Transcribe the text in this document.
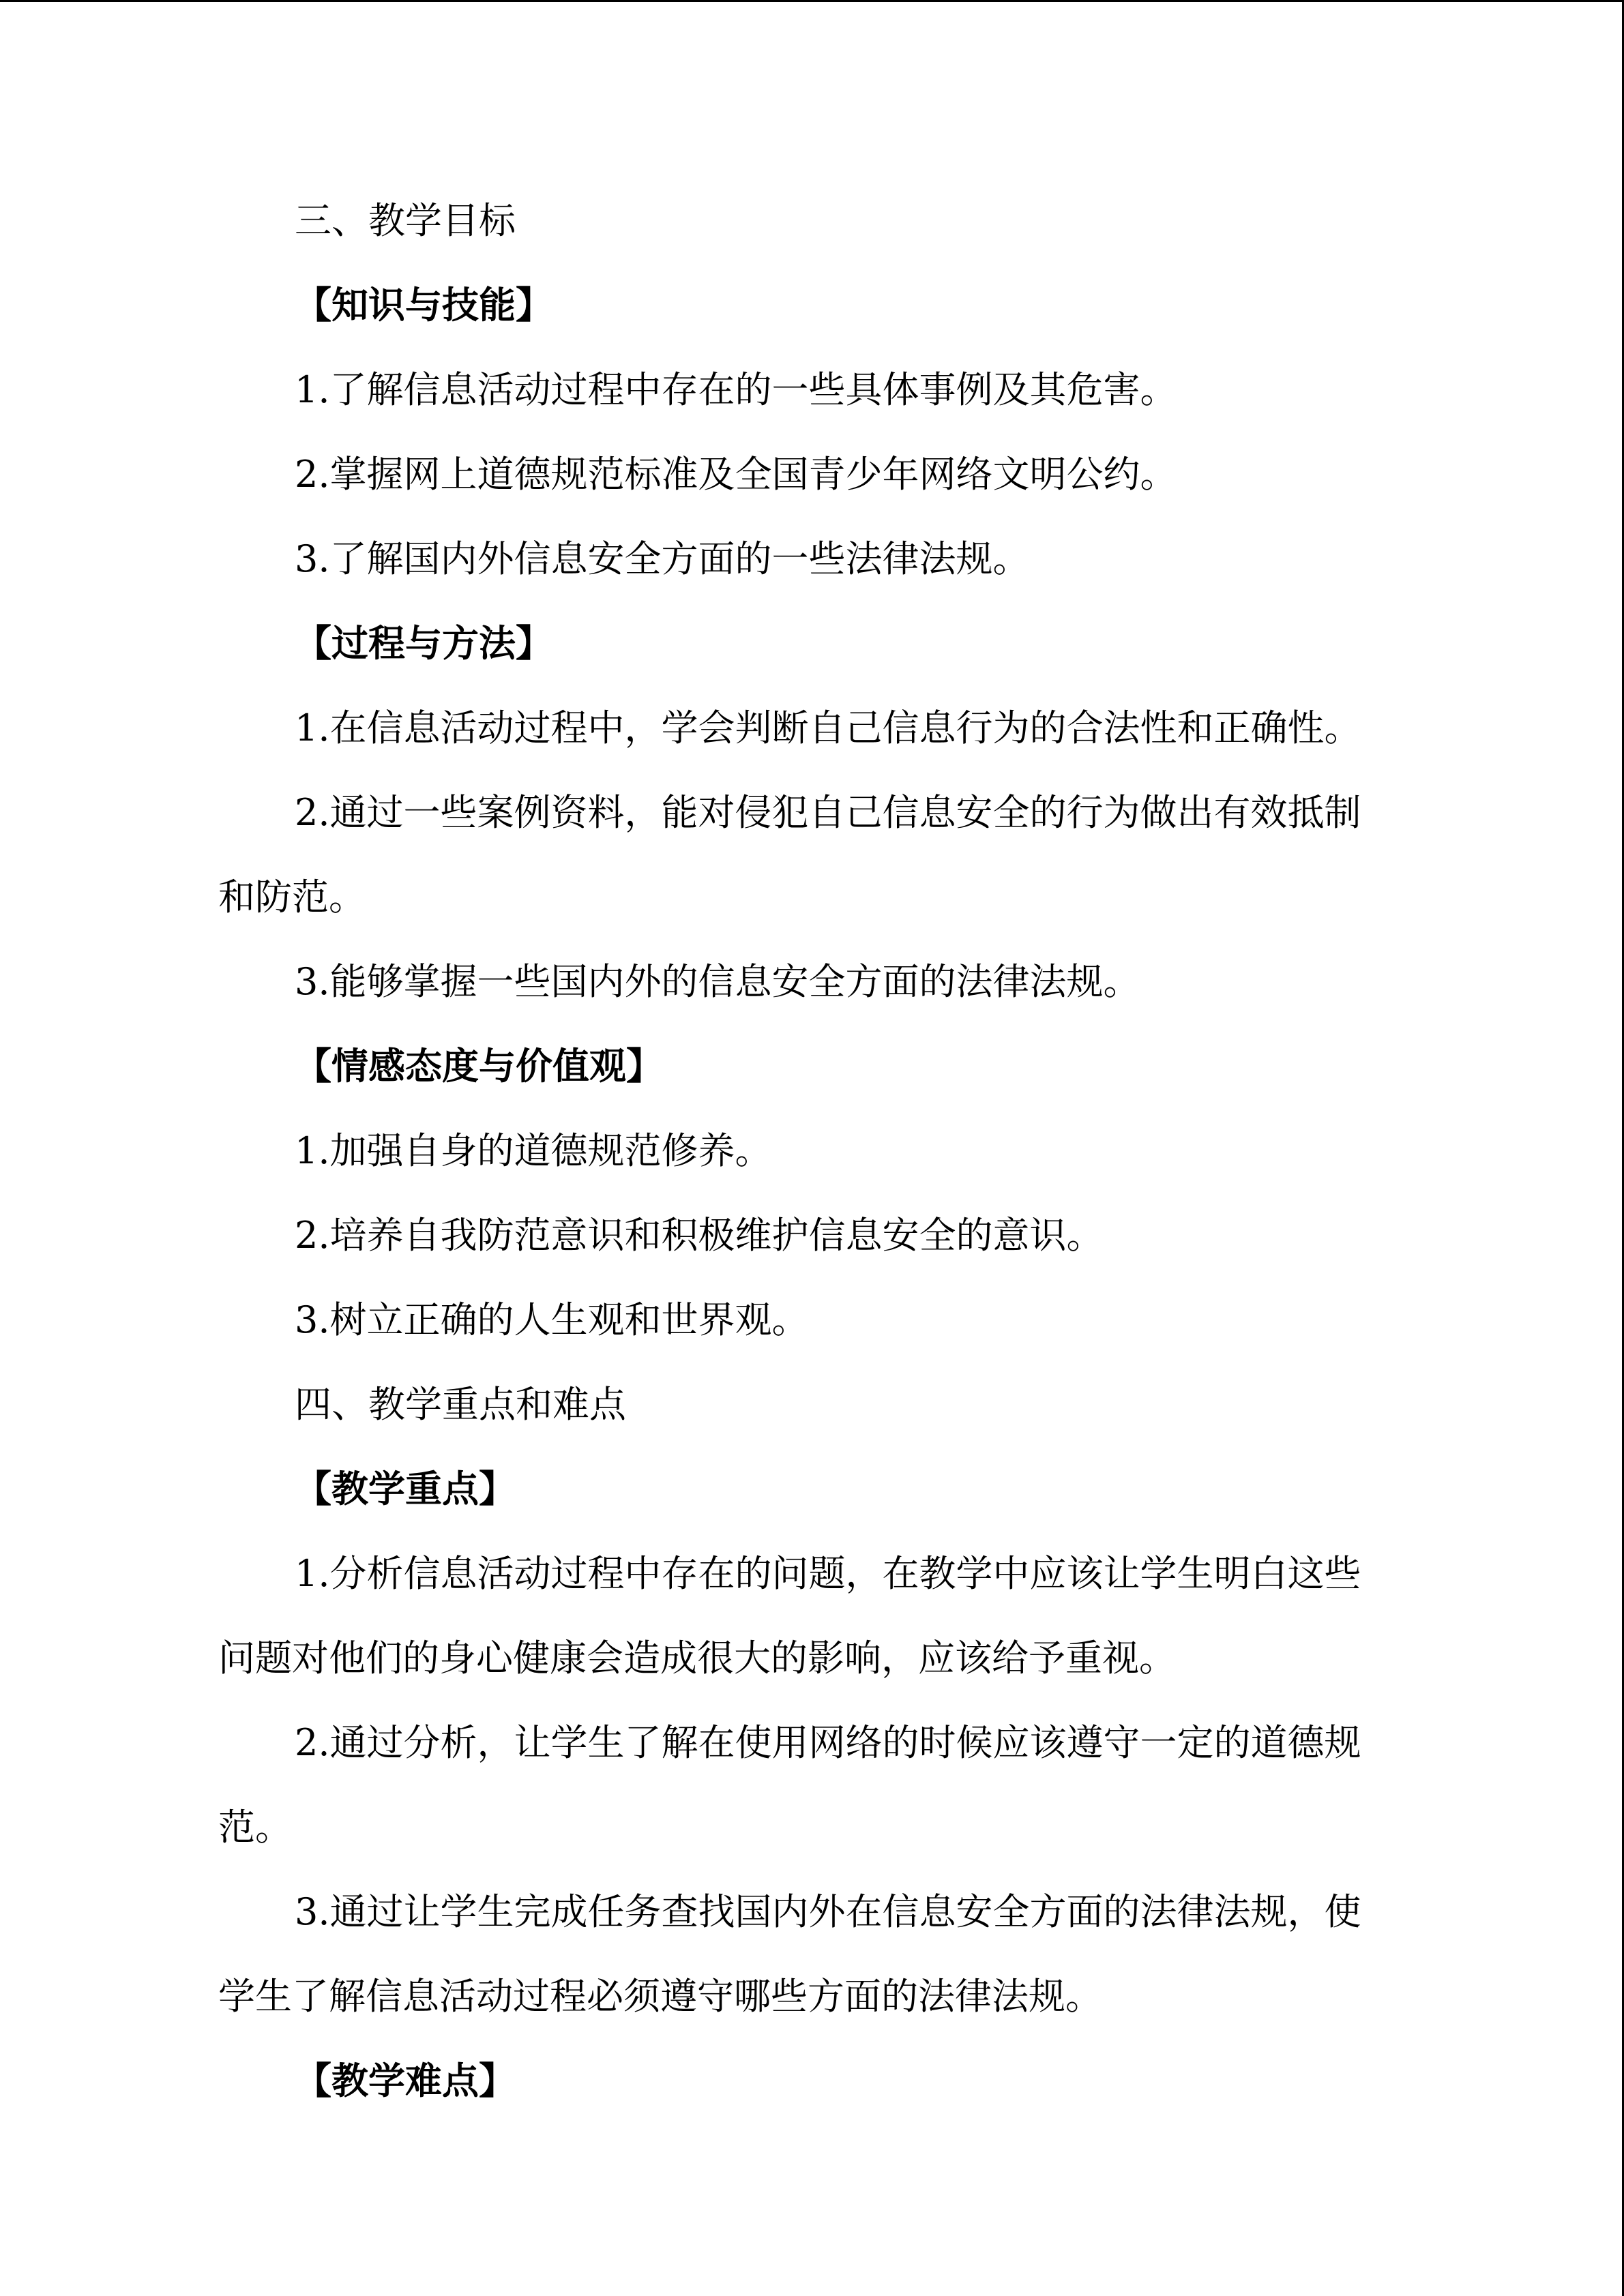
三、教学目标

【知识与技能】

1.了解信息活动过程中存在的一些具体事例及其危害。

2.掌握网上道德规范标准及全国青少年网络文明公约。

3.了解国内外信息安全方面的一些法律法规。

【过程与方法】

1.在信息活动过程中，学会判断自己信息行为的合法性和正确性。

2.通过一些案例资料，能对侵犯自己信息安全的行为做出有效抵制

和防范。

3.能够掌握一些国内外的信息安全方面的法律法规。

【情感态度与价值观】

1.加强自身的道德规范修养。

2.培养自我防范意识和积极维护信息安全的意识。

3.树立正确的人生观和世界观。

四、教学重点和难点

【教学重点】

1.分析信息活动过程中存在的问题，在教学中应该让学生明白这些

问题对他们的身心健康会造成很大的影响，应该给予重视。

2.通过分析，让学生了解在使用网络的时候应该遵守一定的道德规

范。

3.通过让学生完成任务查找国内外在信息安全方面的法律法规，使

学生了解信息活动过程必须遵守哪些方面的法律法规。

【教学难点】
